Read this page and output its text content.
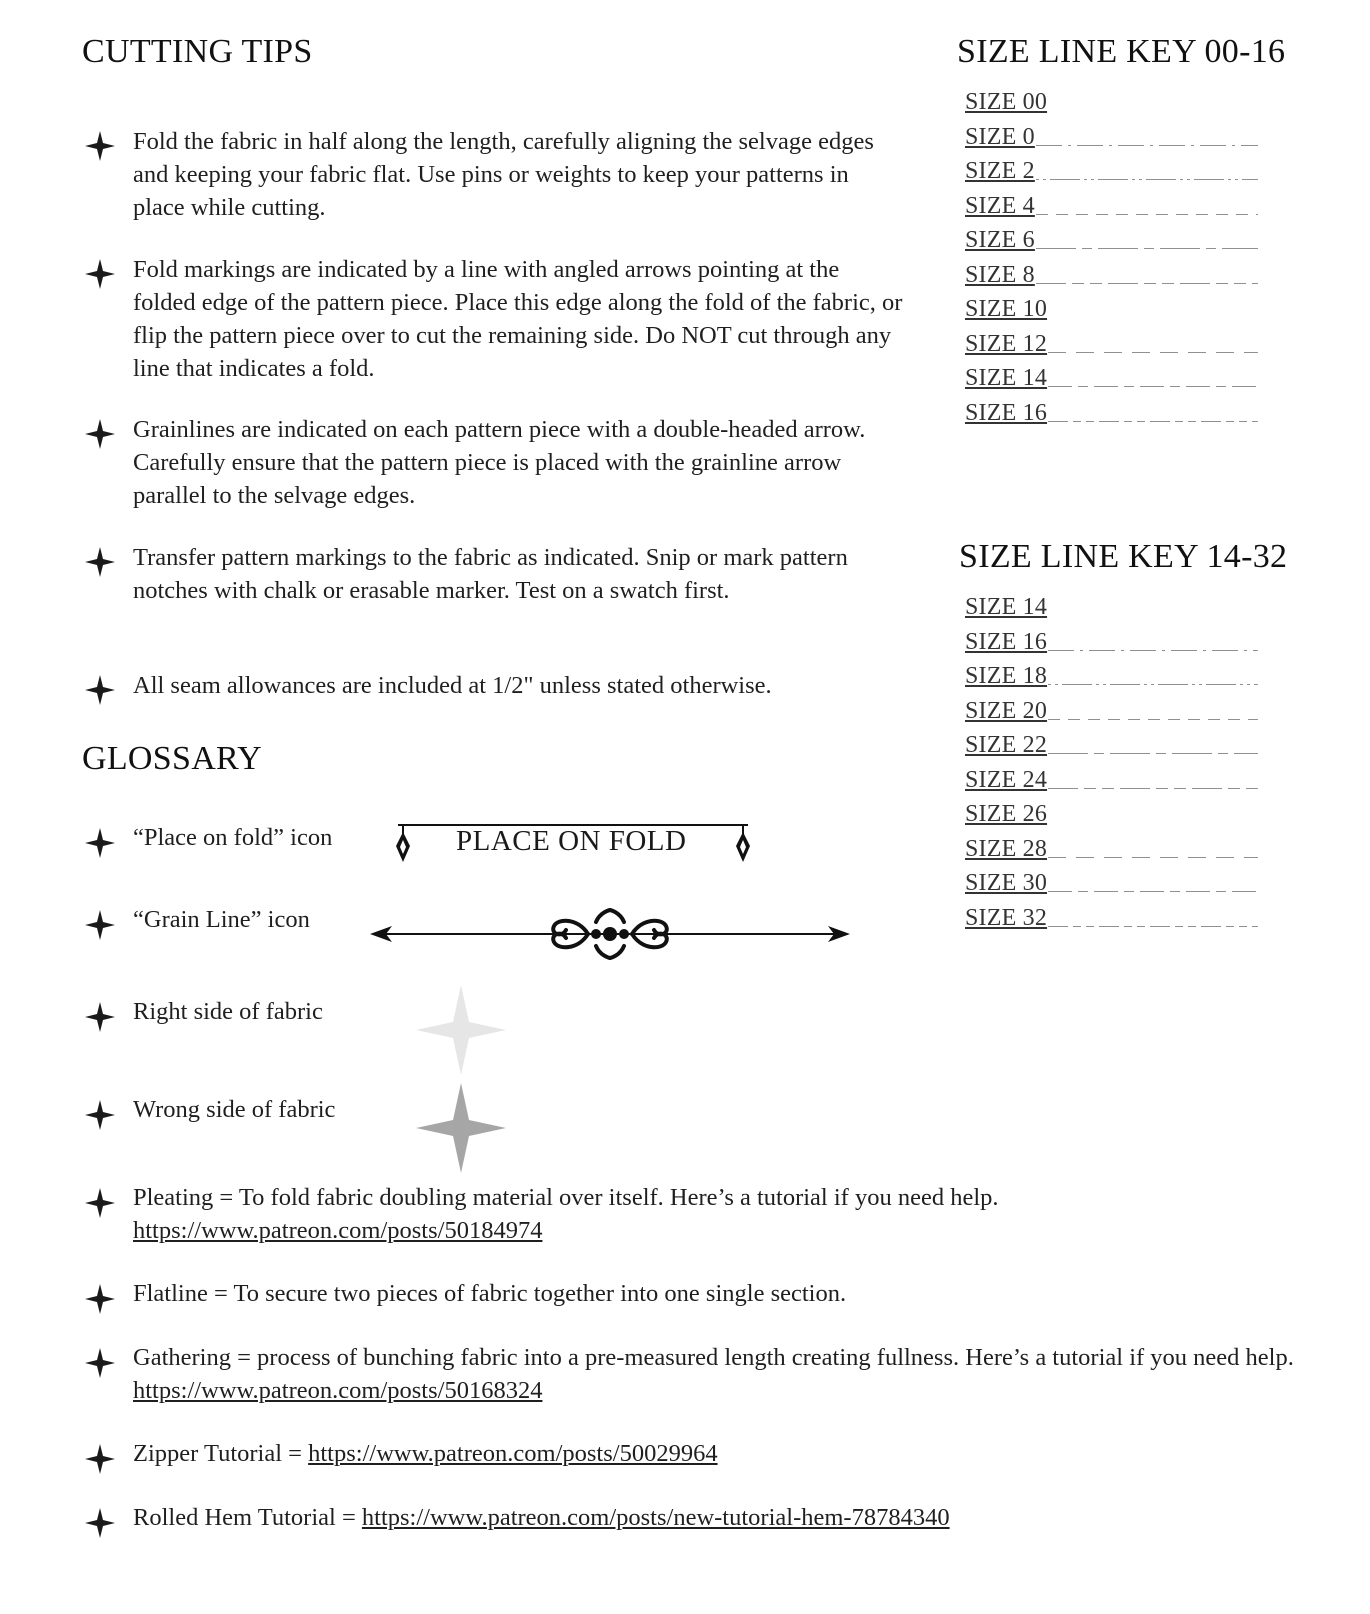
CUTTING TIPS
Fold the fabric in half along the length, carefully aligning the selvage edges and keeping your fabric flat. Use pins or weights to keep your patterns in place while cutting.
Fold markings are indicated by a line with angled arrows pointing at the folded edge of the pattern piece. Place this edge along the fold of the fabric, or flip the pattern piece over to cut the remaining side. Do NOT cut through any line that indicates a fold.
Grainlines are indicated on each pattern piece with a double-headed arrow. Carefully ensure that the pattern piece is placed with the grainline arrow parallel to the selvage edges.
Transfer pattern markings to the fabric as indicated. Snip or mark pattern notches with chalk or erasable marker. Test on a swatch first.
All seam allowances are included at 1/2" unless stated otherwise.
GLOSSARY
“Place on fold” icon	PLACE ON FOLD
“Grain Line” icon
Right side of fabric
Wrong side of fabric
Pleating = To fold fabric doubling material over itself. Here’s a tutorial if you need help.
https://www.patreon.com/posts/50184974
Flatline = To secure two pieces of fabric together into one single section.
Gathering = process of bunching fabric into a pre-measured length creating fullness. Here’s a tutorial if you need help. https://www.patreon.com/posts/50168324
Zipper Tutorial = https://www.patreon.com/posts/50029964
Rolled Hem Tutorial = https://www.patreon.com/posts/new-tutorial-hem-78784340
SIZE LINE KEY 00-16
SIZE 00
SIZE 0
SIZE 2
SIZE 4
SIZE 6
SIZE 8
SIZE 10
SIZE 12
SIZE 14
SIZE 16
SIZE LINE KEY 14-32
SIZE 14
SIZE 16
SIZE 18
SIZE 20
SIZE 22
SIZE 24
SIZE 26
SIZE 28
SIZE 30
SIZE 32
